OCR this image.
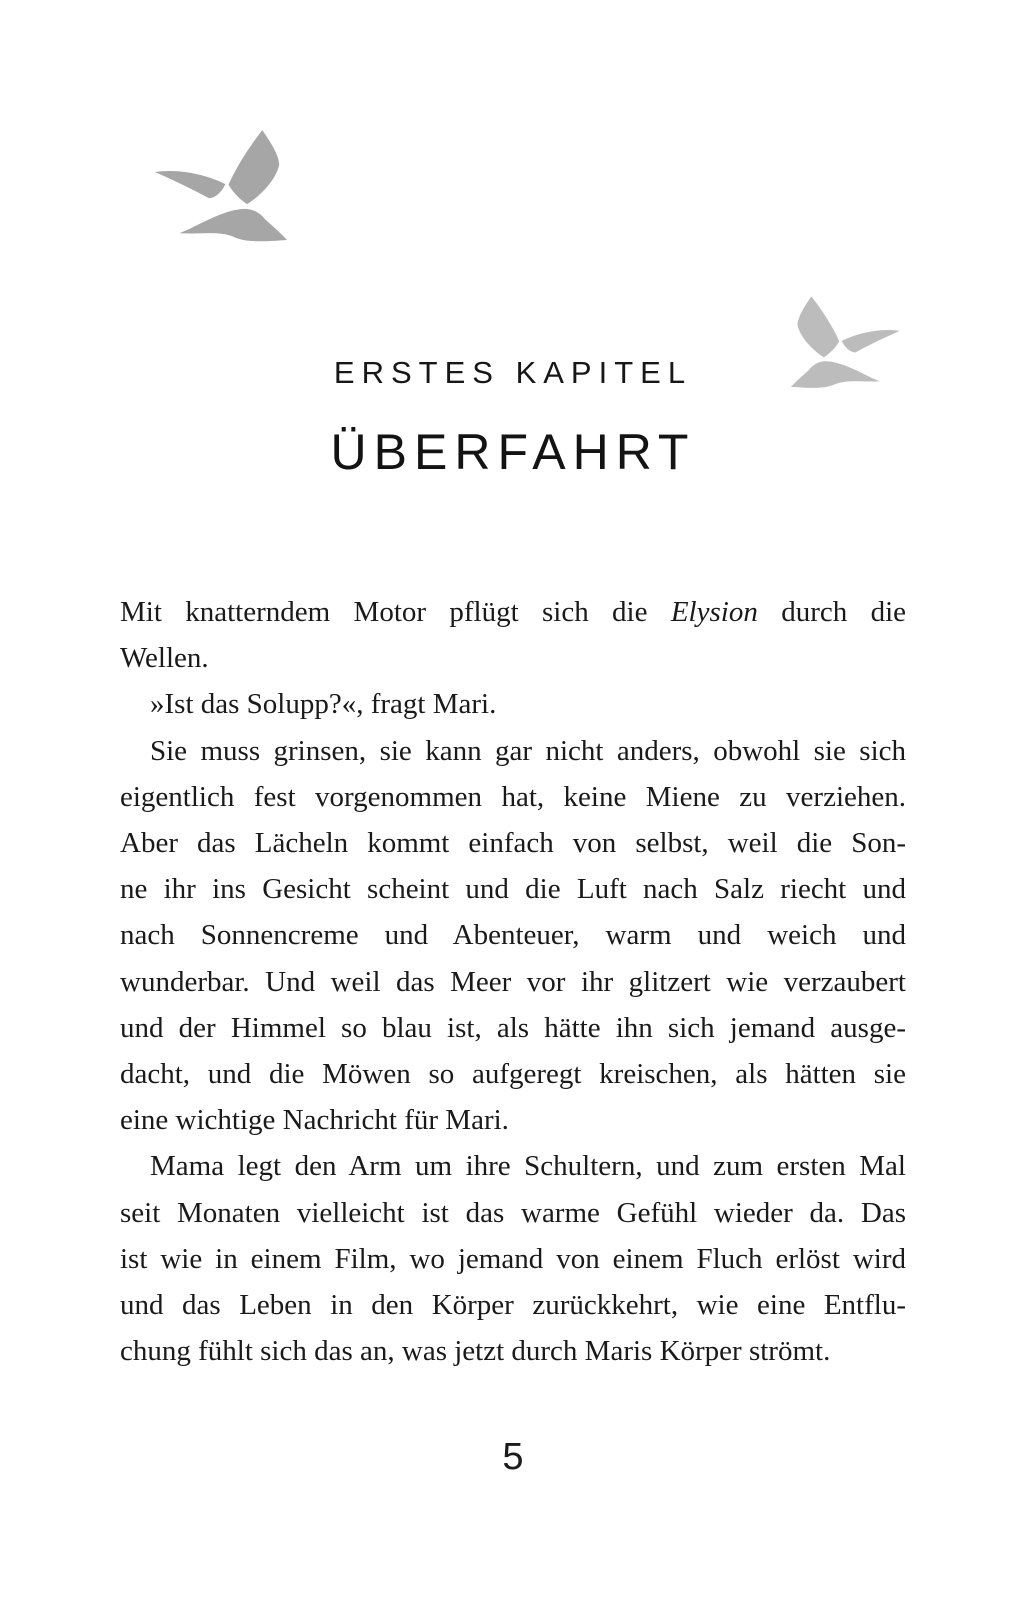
ERSTES KAPITEL
ÜBERFAHRT
Mit knatterndem Motor pflügt sich die Elysion durch die
Wellen.
»Ist das Solupp?«, fragt Mari.
Sie muss grinsen, sie kann gar nicht anders, obwohl sie sich
eigentlich fest vorgenommen hat, keine Miene zu verziehen.
Aber das Lächeln kommt einfach von selbst, weil die Son-
ne ihr ins Gesicht scheint und die Luft nach Salz riecht und
nach Sonnencreme und Abenteuer, warm und weich und
wunderbar. Und weil das Meer vor ihr glitzert wie verzaubert
und der Himmel so blau ist, als hätte ihn sich jemand ausge-
dacht, und die Möwen so aufgeregt kreischen, als hätten sie
eine wichtige Nachricht für Mari.
Mama legt den Arm um ihre Schultern, und zum ersten Mal
seit Monaten vielleicht ist das warme Gefühl wieder da. Das
ist wie in einem Film, wo jemand von einem Fluch erlöst wird
und das Leben in den Körper zurückkehrt, wie eine Entflu-
chung fühlt sich das an, was jetzt durch Maris Körper strömt.
5
